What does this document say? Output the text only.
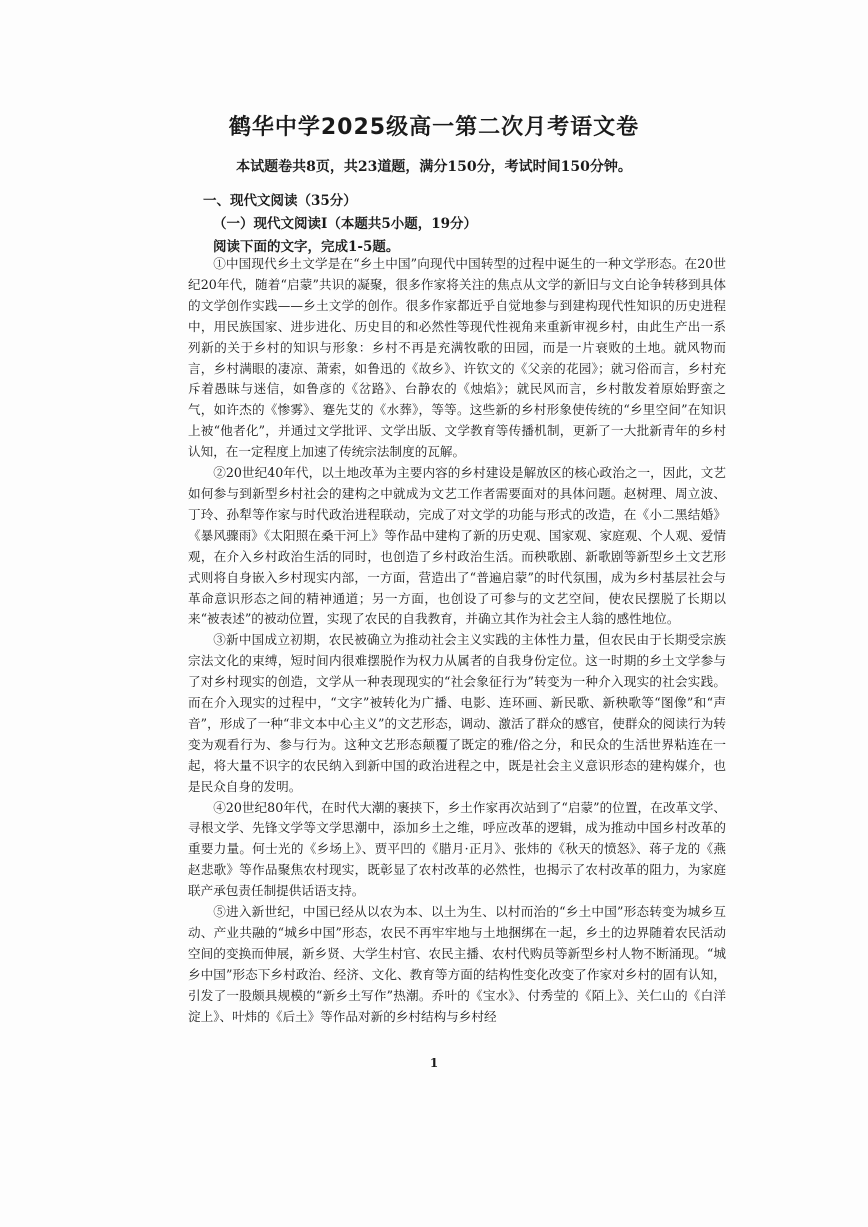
鹤华中学2025级高一第二次月考语文卷
本试题卷共8页，共23道题，满分150分，考试时间150分钟。
一、现代文阅读（35分）
（一）现代文阅读Ⅰ（本题共5小题，19分）
阅读下面的文字，完成1-5题。

①中国现代乡土文学是在“乡土中国”向现代中国转型的过程中诞生的一种文学形态。在20世纪20年代，随着“启蒙”共识的凝聚，很多作家将关注的焦点从文学的新旧与文白论争转移到具体的文学创作实践——乡土文学的创作。很多作家都近乎自觉地参与到建构现代性知识的历史进程中，用民族国家、进步进化、历史目的和必然性等现代性视角来重新审视乡村，由此生产出一系列新的关于乡村的知识与形象：乡村不再是充满牧歌的田园，而是一片衰败的土地。就风物而言，乡村满眼的凄凉、萧索，如鲁迅的《故乡》、许钦文的《父亲的花园》；就习俗而言，乡村充斥着愚昧与迷信，如鲁彦的《岔路》、台静农的《烛焰》；就民风而言，乡村散发着原始野蛮之气，如许杰的《惨雾》、蹇先艾的《水葬》，等等。这些新的乡村形象使传统的“乡里空间”在知识上被“他者化”，并通过文学批评、文学出版、文学教育等传播机制，更新了一大批新青年的乡村认知，在一定程度上加速了传统宗法制度的瓦解。

②20世纪40年代，以土地改革为主要内容的乡村建设是解放区的核心政治之一，因此，文艺如何参与到新型乡村社会的建构之中就成为文艺工作者需要面对的具体问题。赵树理、周立波、丁玲、孙犁等作家与时代政治进程联动，完成了对文学的功能与形式的改造，在《小二黑结婚》《暴风骤雨》《太阳照在桑干河上》等作品中建构了新的历史观、国家观、家庭观、个人观、爱情观，在介入乡村政治生活的同时，也创造了乡村政治生活。而秧歌剧、新歌剧等新型乡土文艺形式则将自身嵌入乡村现实内部，一方面，营造出了“普遍启蒙”的时代氛围，成为乡村基层社会与革命意识形态之间的精神通道；另一方面，也创设了可参与的文艺空间，使农民摆脱了长期以来“被表述”的被动位置，实现了农民的自我教育，并确立其作为社会主人翁的感性地位。

③新中国成立初期，农民被确立为推动社会主义实践的主体性力量，但农民由于长期受宗族宗法文化的束缚，短时间内很难摆脱作为权力从属者的自我身份定位。这一时期的乡土文学参与了对乡村现实的创造，文学从一种表现现实的“社会象征行为”转变为一种介入现实的社会实践。而在介入现实的过程中，“文字”被转化为广播、电影、连环画、新民歌、新秧歌等“图像”和“声音”，形成了一种“非文本中心主义”的文艺形态，调动、激活了群众的感官，使群众的阅读行为转变为观看行为、参与行为。这种文艺形态颠覆了既定的雅/俗之分，和民众的生活世界粘连在一起，将大量不识字的农民纳入到新中国的政治进程之中，既是社会主义意识形态的建构媒介，也是民众自身的发明。

④20世纪80年代，在时代大潮的裹挟下，乡土作家再次站到了“启蒙”的位置，在改革文学、寻根文学、先锋文学等文学思潮中，添加乡土之维，呼应改革的逻辑，成为推动中国乡村改革的重要力量。何士光的《乡场上》、贾平凹的《腊月·正月》、张炜的《秋天的愤怒》、蒋子龙的《燕赵悲歌》等作品聚焦农村现实，既彰显了农村改革的必然性，也揭示了农村改革的阻力，为家庭联产承包责任制提供话语支持。

⑤进入新世纪，中国已经从以农为本、以土为生、以村而治的“乡土中国”形态转变为城乡互动、产业共融的“城乡中国”形态，农民不再牢牢地与土地捆绑在一起，乡土的边界随着农民活动空间的变换而伸展，新乡贤、大学生村官、农民主播、农村代购员等新型乡村人物不断涌现。“城乡中国”形态下乡村政治、经济、文化、教育等方面的结构性变化改变了作家对乡村的固有认知，引发了一股颇具规模的“新乡土写作”热潮。乔叶的《宝水》、付秀莹的《陌上》、关仁山的《白洋淀上》、叶炜的《后土》等作品对新的乡村结构与乡村经

1
